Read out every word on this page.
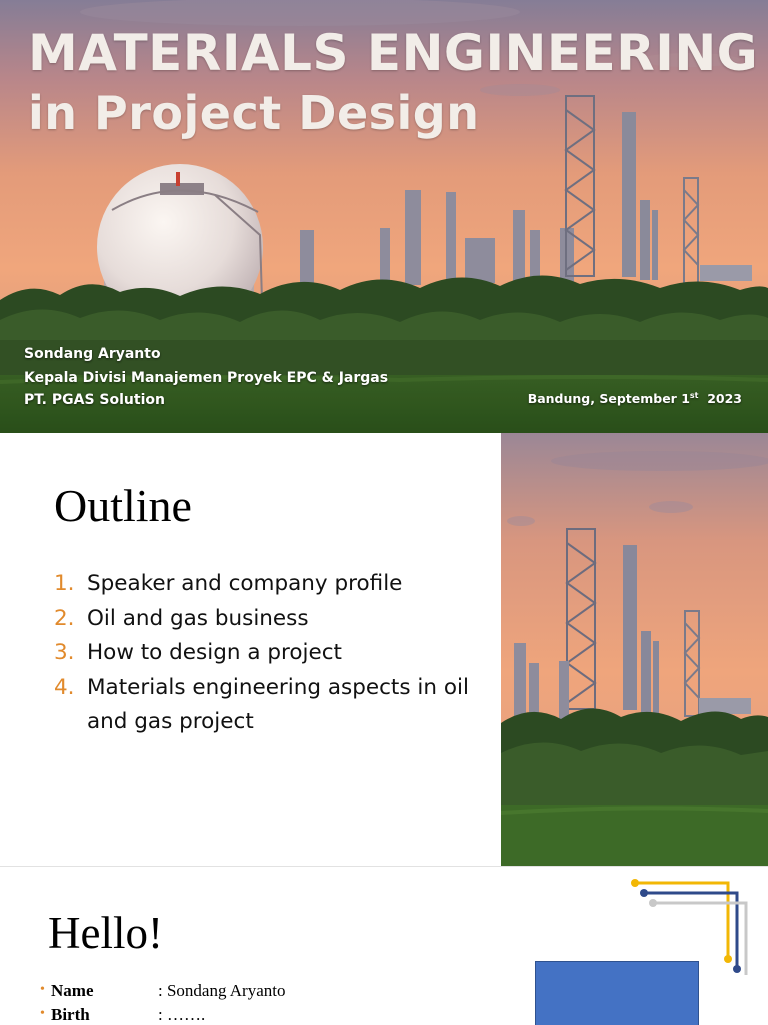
MATERIALS ENGINEERING
in Project Design
Sondang Aryanto
Kepala Divisi Manajemen Proyek EPC & Jargas
PT. PGAS Solution	Bandung, September 1st 2023
Outline
1. Speaker and company profile
2. Oil and gas business
3. How to design a project
4. Materials engineering aspects in oil and gas project
Hello!
• Name	: Sondang Aryanto
• Birth	: …….
